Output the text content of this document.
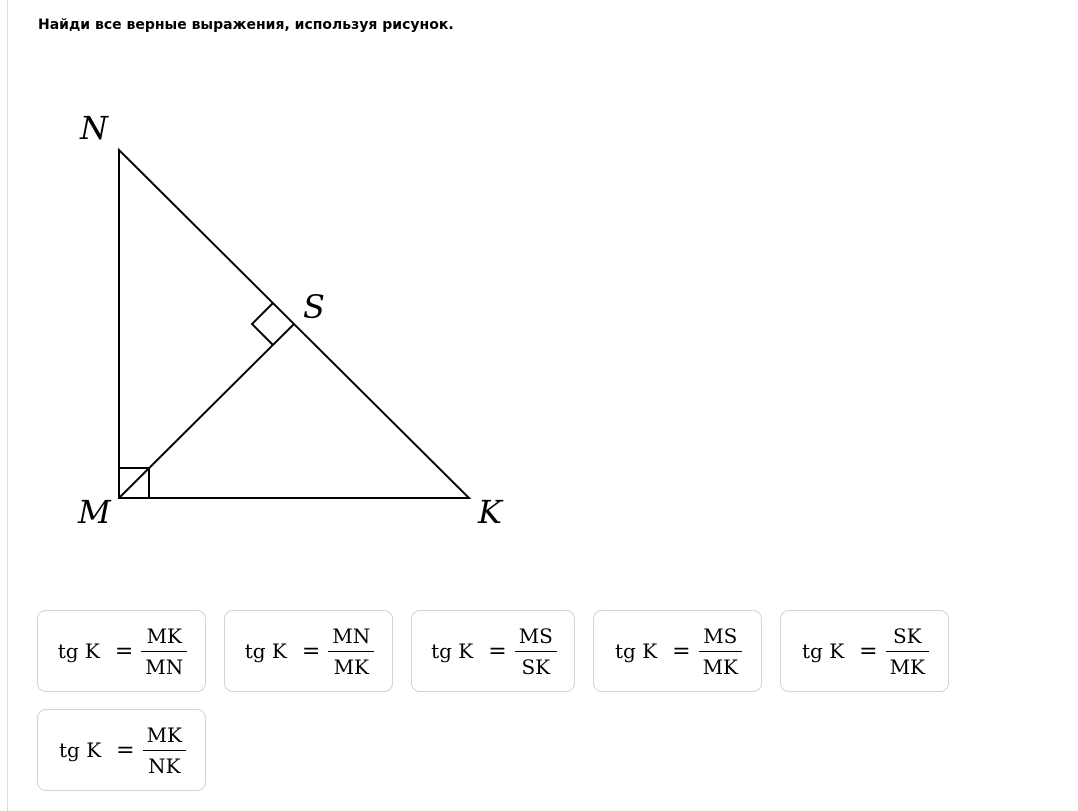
Найди все верные выражения, используя рисунок.
N
S
M	K
tg $K = \frac{MK}{MN}$	tg $K = \frac{MN}{MK}$	tg $K = \frac{MS}{SK}$	tg $K = \frac{MS}{MK}$	tg $K = \frac{SK}{MK}$
tg $K = \frac{MK}{NK}$
